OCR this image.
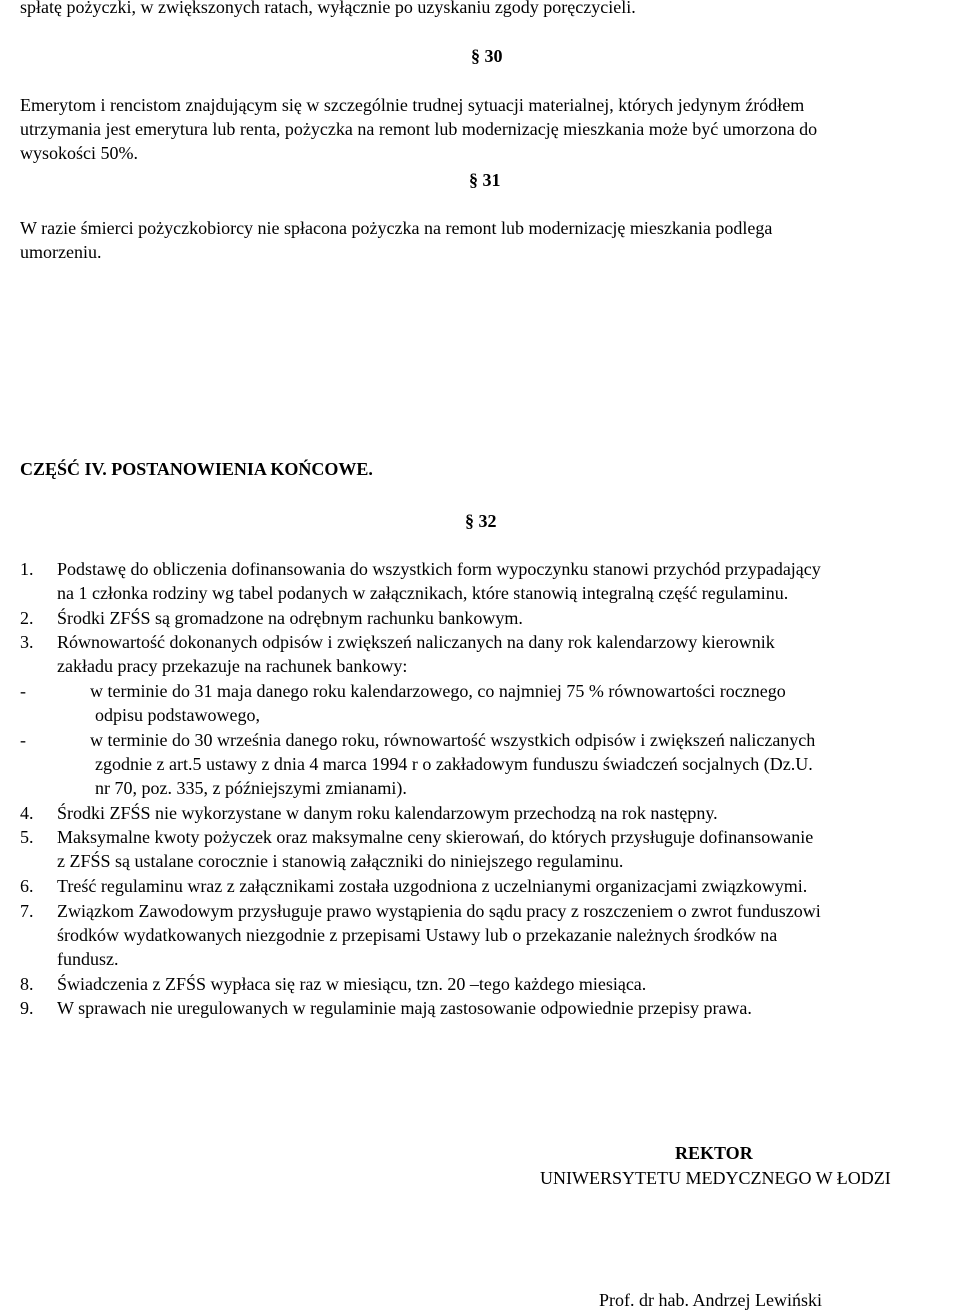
spłatę pożyczki, w zwiększonych ratach, wyłącznie po uzyskaniu zgody poręczycieli.
§ 30

Emerytom i rencistom znajdującym się w szczególnie trudnej sytuacji materialnej, których jedynym źródłem

utrzymania jest emerytura lub renta, pożyczka na remont lub modernizację mieszkania może być umorzona do

wysokości 50%.

§ 31

W razie śmierci pożyczkobiorcy nie spłacona pożyczka na remont lub modernizację mieszkania podlega

umorzeniu.

CZĘŚĆ IV. POSTANOWIENIA KOŃCOWE.
§ 32
1. Podstawę do obliczenia dofinansowania do wszystkich form wypoczynku stanowi przychód przypadający
na 1 członka rodziny wg tabel podanych w załącznikach, które stanowią integralną część regulaminu.
2. Środki ZFŚS są gromadzone na odrębnym rachunku bankowym.
3. Równowartość dokonanych odpisów i zwiększeń naliczanych na dany rok kalendarzowy kierownik
zakładu pracy przekazuje na rachunek bankowy:
-	w terminie do 31 maja danego roku kalendarzowego, co najmniej 75 % równowartości rocznego
odpisu podstawowego,
-	w terminie do 30 września danego roku, równowartość wszystkich odpisów i zwiększeń naliczanych
zgodnie z art.5 ustawy z dnia 4 marca 1994 r o zakładowym funduszu świadczeń socjalnych (Dz.U.
nr 70, poz. 335, z późniejszymi zmianami).
4. Środki ZFŚS nie wykorzystane w danym roku kalendarzowym przechodzą na rok następny.
5. Maksymalne kwoty pożyczek oraz maksymalne ceny skierowań, do których przysługuje dofinansowanie
z ZFŚS są ustalane corocznie i stanowią załączniki do niniejszego regulaminu.
6. Treść regulaminu wraz z załącznikami została uzgodniona z uczelnianymi organizacjami związkowymi.
7. Związkom Zawodowym przysługuje prawo wystąpienia do sądu pracy z roszczeniem o zwrot funduszowi
środków wydatkowanych niezgodnie z przepisami Ustawy lub o przekazanie należnych środków na
fundusz.
8. Świadczenia z ZFŚS wypłaca się raz w miesiącu, tzn. 20 –tego każdego miesiąca.
9. W sprawach nie uregulowanych w regulaminie mają zastosowanie odpowiednie przepisy prawa.
REKTOR
UNIWERSYTETU MEDYCZNEGO W ŁODZI
Prof. dr hab. Andrzej Lewiński
